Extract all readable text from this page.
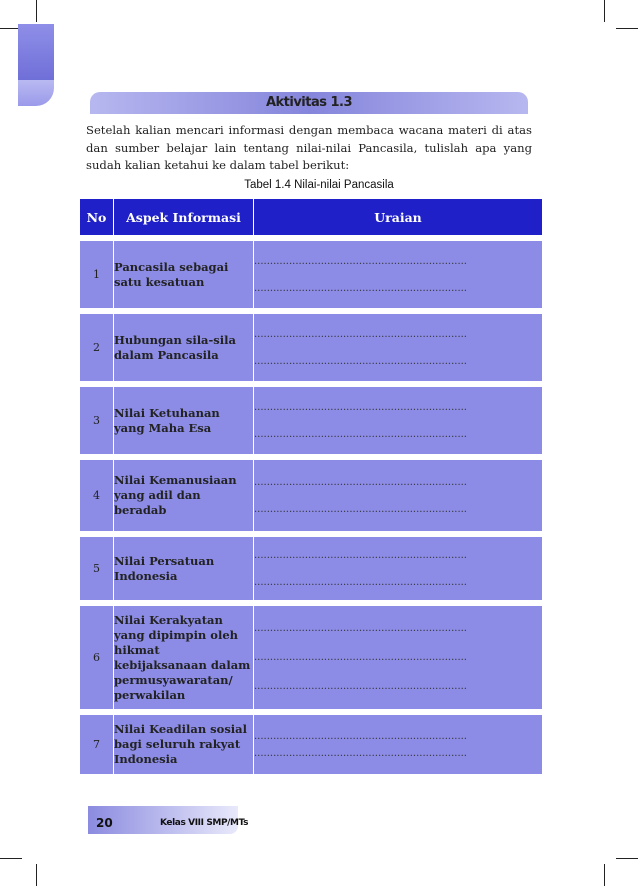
Aktivitas 1.3

Setelah kalian mencari informasi dengan membaca wacana materi di atas dan sumber belajar lain tentang nilai-nilai Pancasila, tulislah apa yang sudah kalian ketahui ke dalam tabel berikut:

Tabel 1.4 Nilai-nilai Pancasila
No	Aspek Informasi	Uraian

1	Pancasila sebagai satu kesatuan	...................................................................
...................................................................

2	Hubungan sila-sila dalam Pancasila	...................................................................
...................................................................

3	Nilai Ketuhanan yang Maha Esa	...................................................................
...................................................................

4	Nilai Kemanusiaan yang adil dan beradab	...................................................................
...................................................................

5	Nilai Persatuan Indonesia	...................................................................
...................................................................

6	Nilai Kerakyatan yang dipimpin oleh hikmat kebijaksanaan dalam permusyawaratan/ perwakilan	...................................................................
...................................................................
...................................................................

7	Nilai Keadilan sosial bagi seluruh rakyat Indonesia	...................................................................
...................................................................
20	Kelas VIII SMP/MTs
